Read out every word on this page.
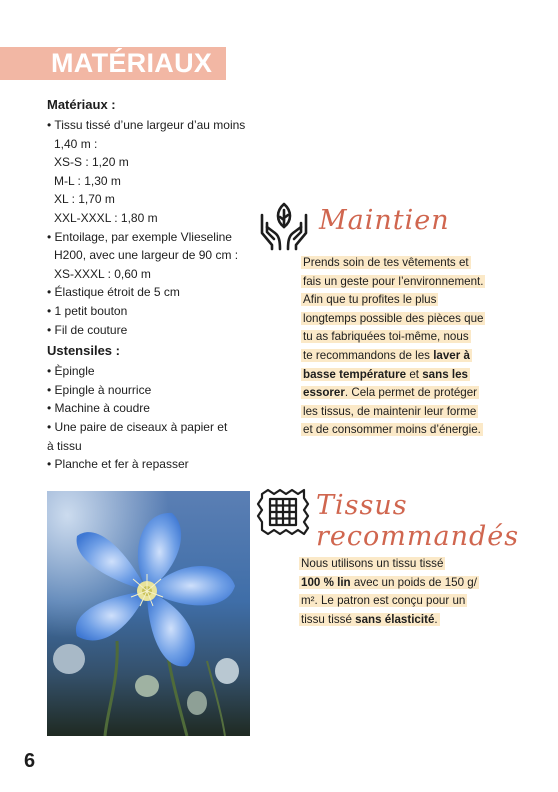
MATÉRIAUX

Matériaux :

• Tissu tissé d’une largeur d’au moins
1,40 m :
XS-S : 1,20 m
M-L : 1,30 m
XL : 1,70 m
XXL-XXXL : 1,80 m
• Entoilage, par exemple Vlieseline
H200, avec une largeur de 90 cm :
XS-XXXL : 0,60 m
• Élastique étroit de 5 cm
• 1 petit bouton
• Fil de couture

Ustensiles :

• Èpingle
• Epingle à nourrice
• Machine à coudre
• Une paire de ciseaux à papier et
à tissu
• Planche et fer à repasser
Maintien
Prends soin de tes vêtements et
fais un geste pour l’environnement.
Afin que tu profites le plus
longtemps possible des pièces que
tu as fabriquées toi-même, nous
te recommandons de les laver à
basse température et sans les
essorer. Cela permet de protéger
les tissus, de maintenir leur forme
et de consommer moins d’énergie.
Tissus recommandés
Nous utilisons un tissu tissé
100 % lin avec un poids de 150 g/
m². Le patron est conçu pour un
tissu tissé sans élasticité.
6
